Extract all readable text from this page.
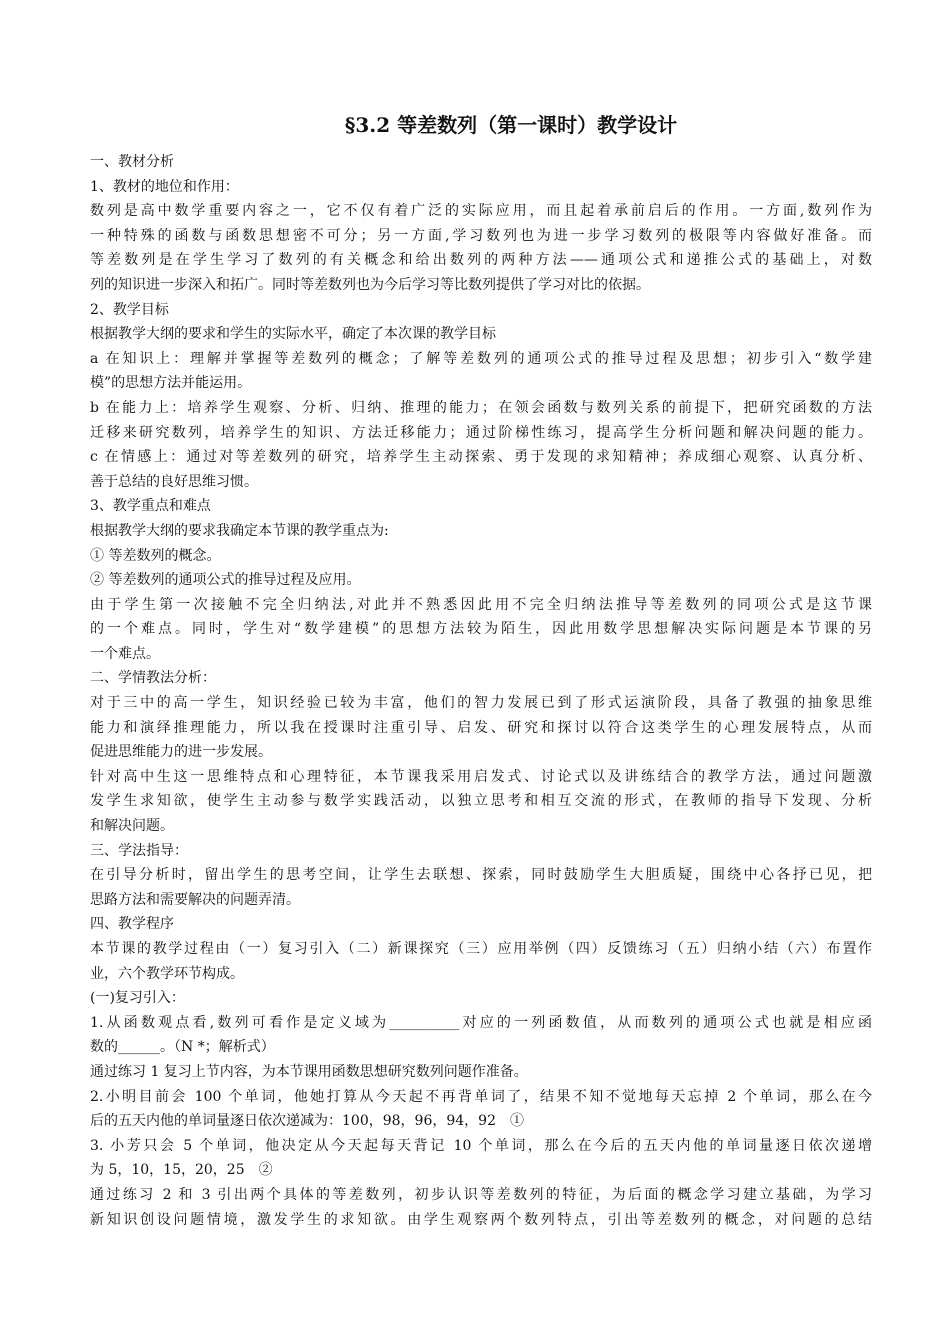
§3.2 等差数列（第一课时）教学设计
一、教材分析
1、教材的地位和作用：
数列是高中数学重要内容之一，它不仅有着广泛的实际应用，而且起着承前启后的作用。一方面,数列作为
一种特殊的函数与函数思想密不可分；另一方面,学习数列也为进一步学习数列的极限等内容做好准备。而
等差数列是在学生学习了数列的有关概念和给出数列的两种方法——通项公式和递推公式的基础上，对数
列的知识进一步深入和拓广。同时等差数列也为今后学习等比数列提供了学习对比的依据。
2、教学目标
根据教学大纲的要求和学生的实际水平，确定了本次课的教学目标
a 在知识上：理解并掌握等差数列的概念；了解等差数列的通项公式的推导过程及思想；初步引入“数学建
模”的思想方法并能运用。
b 在能力上：培养学生观察、分析、归纳、推理的能力；在领会函数与数列关系的前提下，把研究函数的方法
迁移来研究数列，培养学生的知识、方法迁移能力；通过阶梯性练习，提高学生分析问题和解决问题的能力。
c 在情感上：通过对等差数列的研究，培养学生主动探索、勇于发现的求知精神；养成细心观察、认真分析、
善于总结的良好思维习惯。
3、教学重点和难点
根据教学大纲的要求我确定本节课的教学重点为:
① 等差数列的概念。
② 等差数列的通项公式的推导过程及应用。
由于学生第一次接触不完全归纳法,对此并不熟悉因此用不完全归纳法推导等差数列的同项公式是这节课
的一个难点。同时，学生对“数学建模”的思想方法较为陌生，因此用数学思想解决实际问题是本节课的另
一个难点。
二、学情教法分析：
对于三中的高一学生，知识经验已较为丰富，他们的智力发展已到了形式运演阶段，具备了教强的抽象思维
能力和演绎推理能力，所以我在授课时注重引导、启发、研究和探讨以符合这类学生的心理发展特点，从而
促进思维能力的进一步发展。
针对高中生这一思维特点和心理特征，本节课我采用启发式、讨论式以及讲练结合的教学方法，通过问题激
发学生求知欲，使学生主动参与数学实践活动，以独立思考和相互交流的形式，在教师的指导下发现、分析
和解决问题。
三、学法指导：
在引导分析时，留出学生的思考空间，让学生去联想、探索，同时鼓励学生大胆质疑，围绕中心各抒已见，把
思路方法和需要解决的问题弄清。
四、教学程序
本节课的教学过程由（一）复习引入（二）新课探究（三）应用举例（四）反馈练习（五）归纳小结（六）布置作
业，六个教学环节构成。
(一)复习引入：
1.从函数观点看,数列可看作是定义域为__________对应的一列函数值，从而数列的通项公式也就是相应函
数的______。（N *；解析式）
通过练习 1 复习上节内容，为本节课用函数思想研究数列问题作准备。
2.小明目前会 100 个单词，他她打算从今天起不再背单词了，结果不知不觉地每天忘掉 2 个单词，那么在今
后的五天内他的单词量逐日依次递减为：100，98，96，94，92　①
3. 小芳只会 5 个单词，他决定从今天起每天背记 10 个单词，那么在今后的五天内他的单词量逐日依次递增
为 5，10，15，20，25　②
通过练习 2 和 3 引出两个具体的等差数列，初步认识等差数列的特征，为后面的概念学习建立基础，为学习
新知识创设问题情境，激发学生的求知欲。由学生观察两个数列特点，引出等差数列的概念，对问题的总结
